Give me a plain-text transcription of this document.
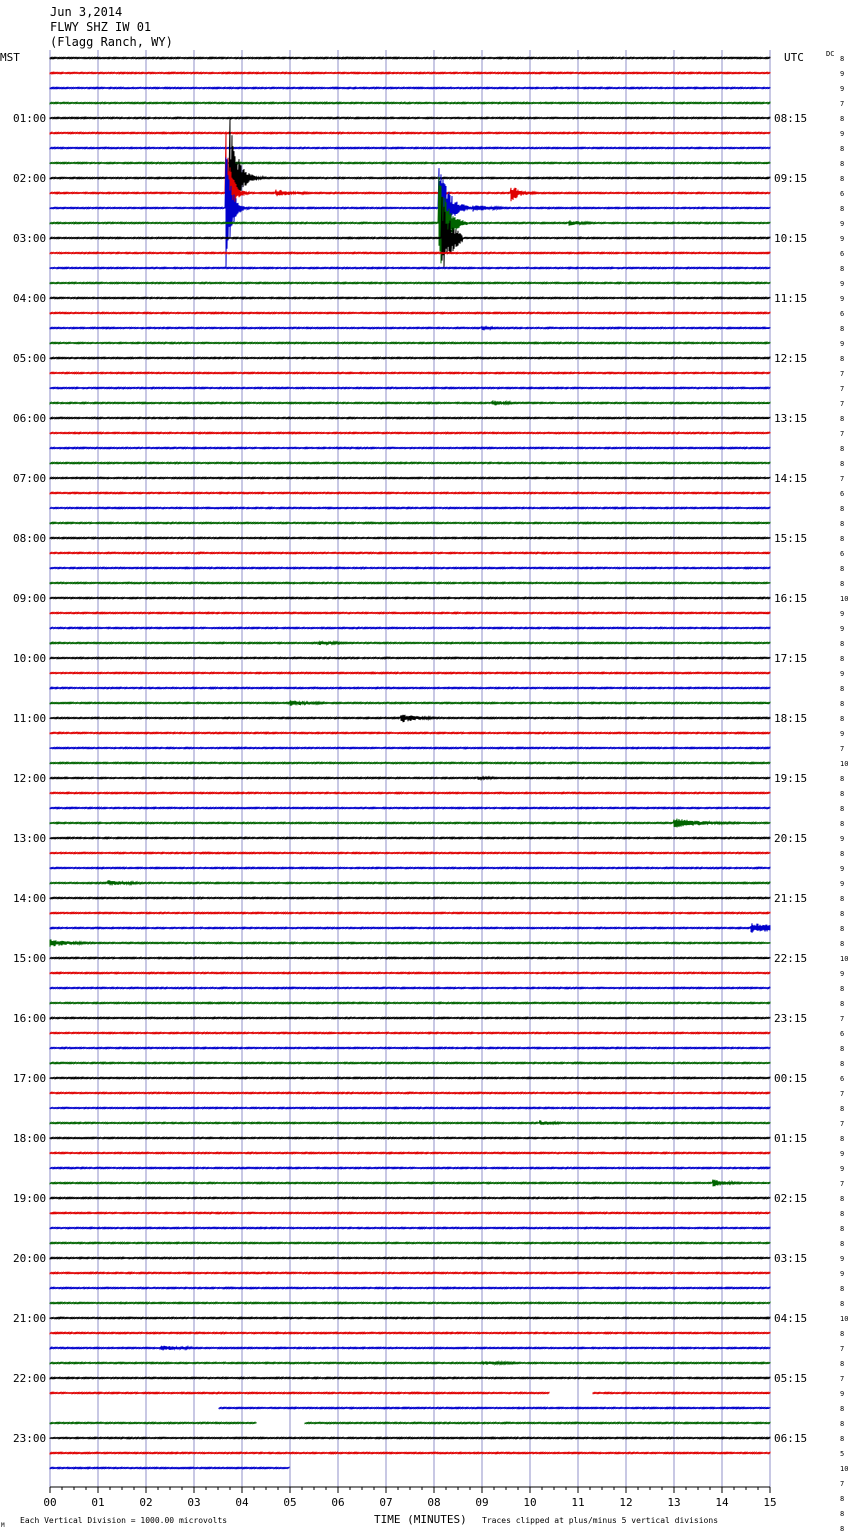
Jun 3,2014
FLWY SHZ IW 01
(Flagg Ranch, WY)
MST	UTC	DC
01:00
02:00
03:00
04:00
05:00
06:00
07:00
08:00
09:00
10:00
11:00
12:00
13:00
14:00
15:00
16:00
17:00
18:00
19:00
20:00
21:00
22:00
23:00
08:15
09:15
10:15
11:15
12:15
13:15
14:15
15:15
16:15
17:15
18:15
19:15
20:15
21:15
22:15
23:15
00:15
01:15
02:15
03:15
04:15
05:15
06:15
8
9
9
7
8
9
8
8
8
6
8
9
9
6
8
9
9
6
8
9
8
7
7
7
8
7
8
8
7
6
8
8
8
6
8
8
10
9
9
8
8
9
8
8
8
9
7
10
8
8
8
8
9
8
9
9
8
8
8
8
10
9
8
8
7
6
8
8
6
7
8
7
8
9
9
7
8
8
8
8
9
9
8
8
10
8
7
8
7
9
8
8
8
5
10
7
8
8
8
00	01	02	03	04	05	06	07	08	09	10	11	12	13	14	15
M
Each Vertical Division = 1000.00 microvolts	TIME (MINUTES) Traces clipped at plus/minus 5 vertical divisions
